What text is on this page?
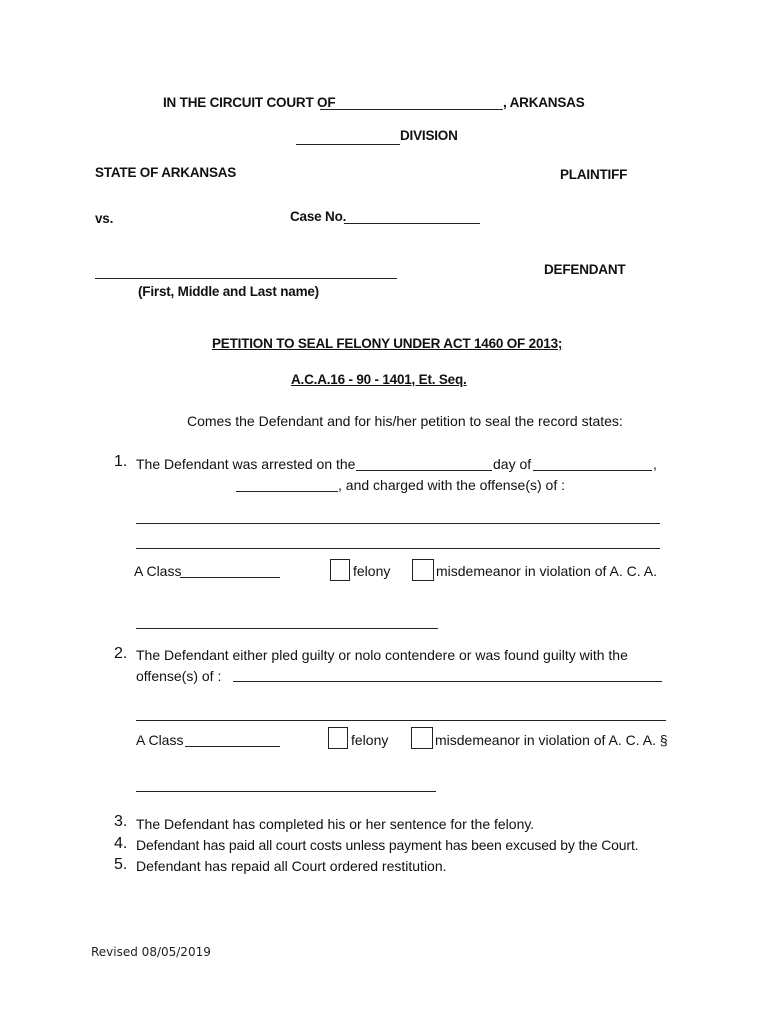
IN THE CIRCUIT COURT OF	, ARKANSAS
DIVISION
STATE OF ARKANSAS	PLAINTIFF
vs.	Case No.
DEFENDANT
(First, Middle and Last name)
PETITION TO SEAL FELONY UNDER ACT 1460 OF 2013;
A.C.A.16 - 90 - 1401, Et. Seq.
Comes the Defendant and for his/her petition to seal the record states:
1. The Defendant was arrested on the	day of	,
, and charged with the offense(s) of :
A Class	felony	misdemeanor in violation of A. C. A.
2. The Defendant either pled guilty or nolo contendere or was found guilty with the
offense(s) of :
A Class	felony	misdemeanor in violation of A. C. A. §
3. The Defendant has completed his or her sentence for the felony.
4. Defendant has paid all court costs unless payment has been excused by the Court.
5. Defendant has repaid all Court ordered restitution.
Revised 08/05/2019
